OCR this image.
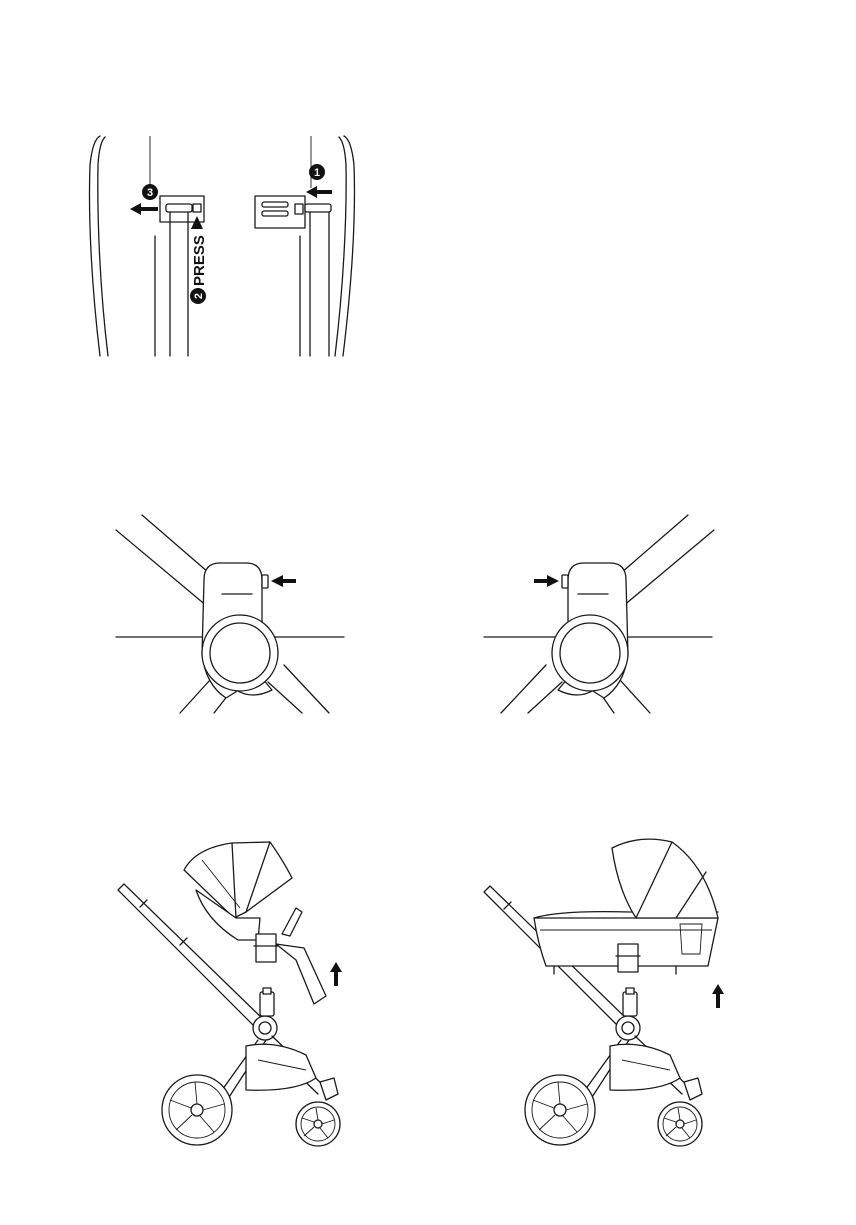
1
3
PRESS
2
